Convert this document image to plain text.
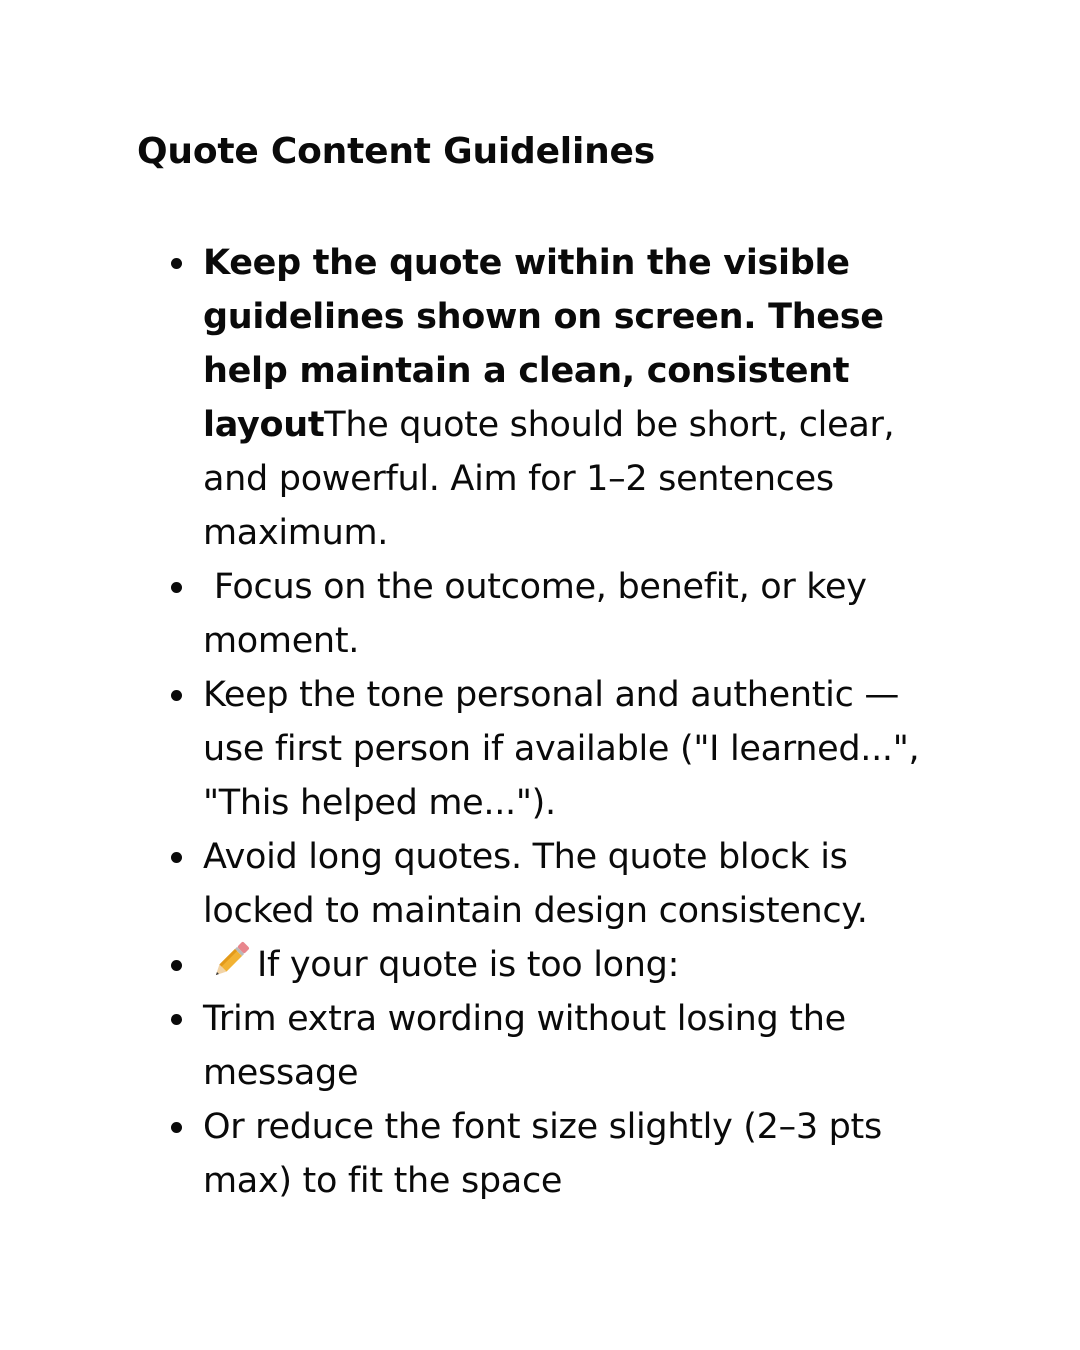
Quote Content Guidelines
Keep the quote within the visible guidelines shown on screen. These help maintain a clean, consistent layoutThe quote should be short, clear, and powerful. Aim for 1–2 sentences maximum.
Focus on the outcome, benefit, or key moment.
Keep the tone personal and authentic — use first person if available ("I learned...", "This helped me...").
Avoid long quotes. The quote block is locked to maintain design consistency.
If your quote is too long:
Trim extra wording without losing the message
Or reduce the font size slightly (2–3 pts max) to fit the space
